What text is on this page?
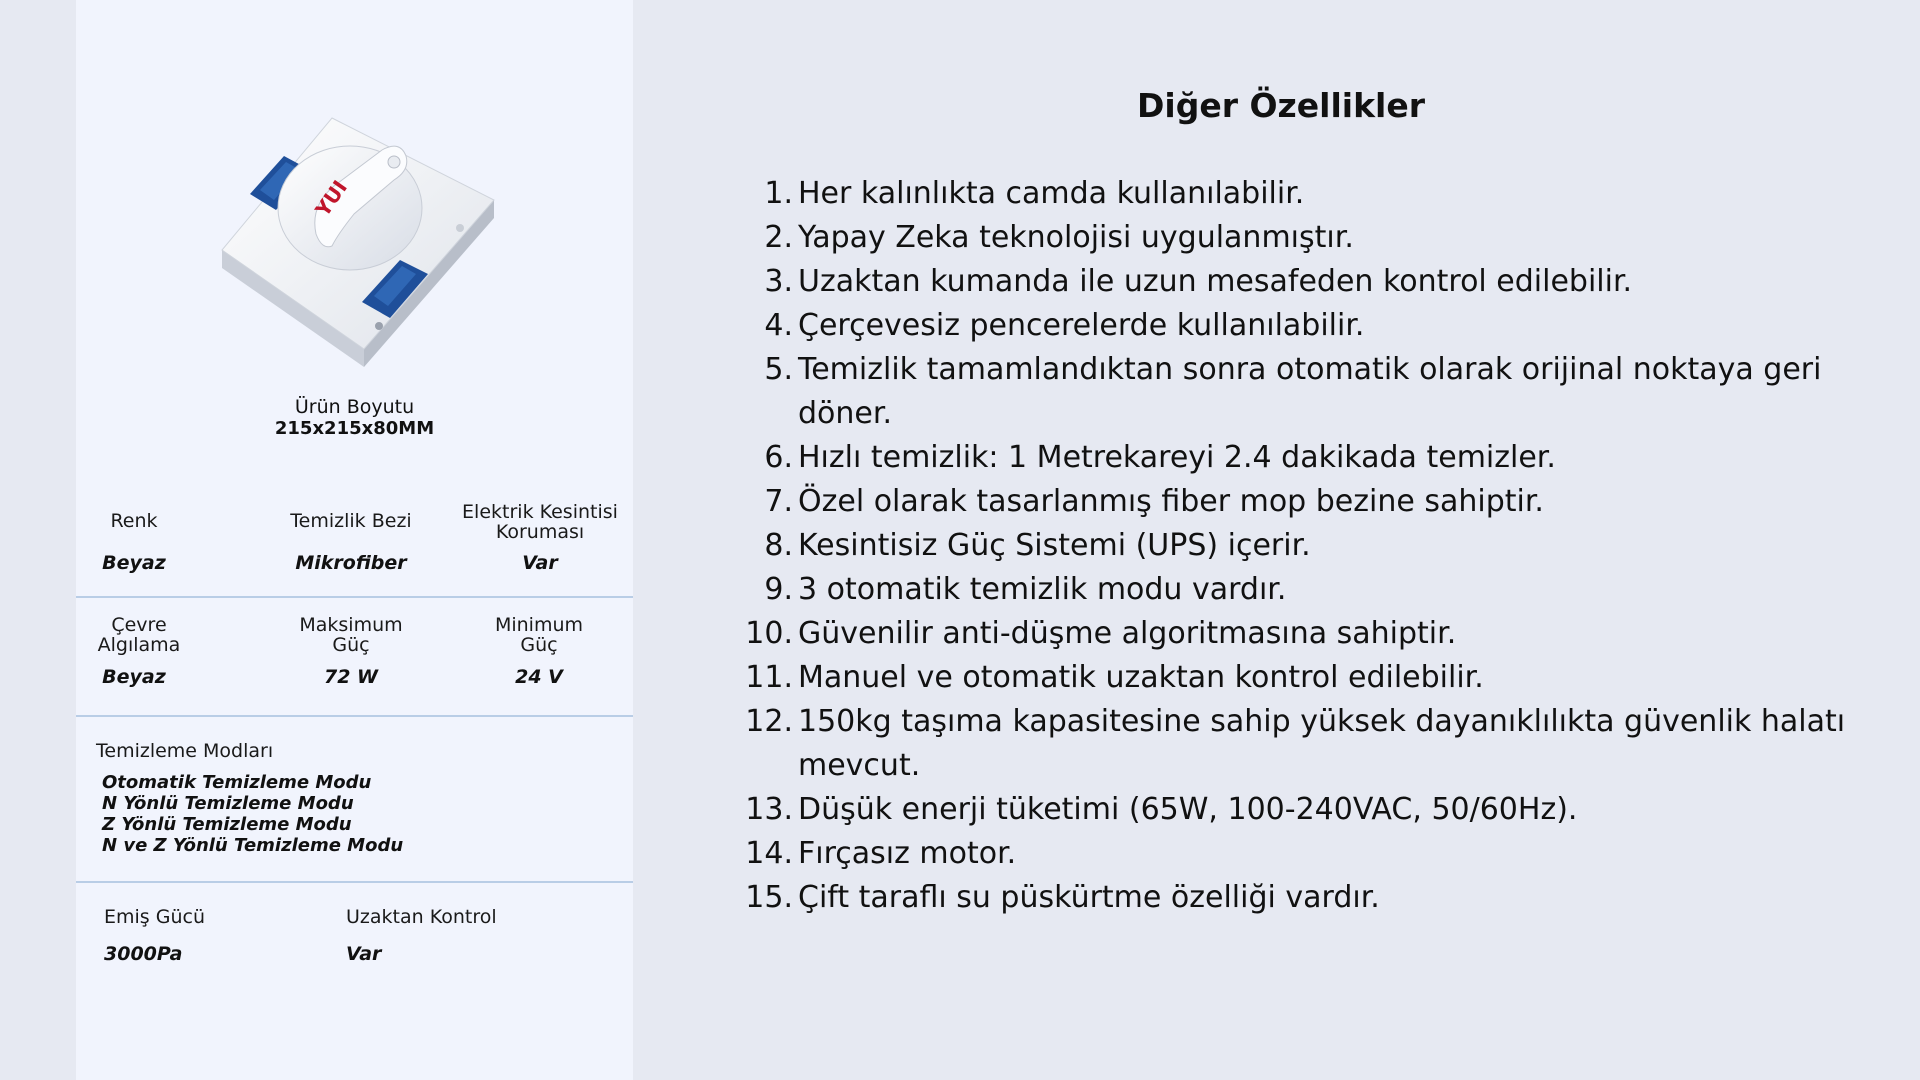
YUI
Ürün Boyutu
215x215x80MM
Renk
Beyaz
Temizlik Bezi
Mikrofiber
Elektrik Kesintisi Koruması
Var
Çevre Algılama
Beyaz
Maksimum Güç
72 W
Minimum Güç
24 V
Temizleme Modları
Otomatik Temizleme Modu
N Yönlü Temizleme Modu
Z Yönlü Temizleme Modu
N ve Z Yönlü Temizleme Modu
Emiş Gücü
3000Pa
Uzaktan Kontrol
Var
Diğer Özellikler
1. Her kalınlıkta camda kullanılabilir.
2. Yapay Zeka teknolojisi uygulanmıştır.
3. Uzaktan kumanda ile uzun mesafeden kontrol edilebilir.
4. Çerçevesiz pencerelerde kullanılabilir.
5. Temizlik tamamlandıktan sonra otomatik olarak orijinal noktaya geri döner.
6. Hızlı temizlik: 1 Metrekareyi 2.4 dakikada temizler.
7. Özel olarak tasarlanmış fiber mop bezine sahiptir.
8. Kesintisiz Güç Sistemi (UPS) içerir.
9. 3 otomatik temizlik modu vardır.
10. Güvenilir anti-düşme algoritmasına sahiptir.
11. Manuel ve otomatik uzaktan kontrol edilebilir.
12. 150kg taşıma kapasitesine sahip yüksek dayanıklılıkta güvenlik halatı mevcut.
13. Düşük enerji tüketimi (65W, 100-240VAC, 50/60Hz).
14. Fırçasız motor.
15. Çift taraflı su püskürtme özelliği vardır.
